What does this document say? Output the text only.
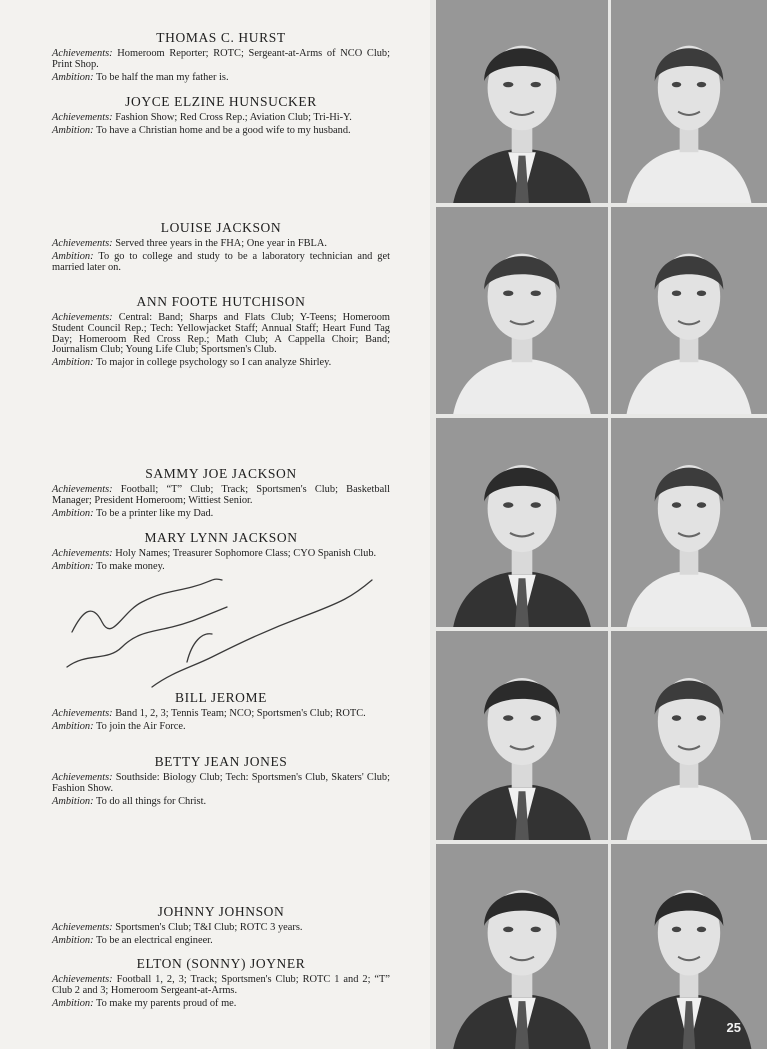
THOMAS C. HURST

Achievements: Homeroom Reporter; ROTC; Sergeant-at-Arms of NCO Club; Print Shop.

Ambition: To be half the man my father is.

JOYCE ELZINE HUNSUCKER

Achievements: Fashion Show; Red Cross Rep.; Aviation Club; Tri-Hi-Y.

Ambition: To have a Christian home and be a good wife to my husband.

LOUISE JACKSON

Achievements: Served three years in the FHA; One year in FBLA.

Ambition: To go to college and study to be a laboratory technician and get married later on.

ANN FOOTE HUTCHISON

Achievements: Central: Band; Sharps and Flats Club; Y-Teens; Homeroom Student Council Rep.; Tech: Yellowjacket Staff; Annual Staff; Heart Fund Tag Day; Homeroom Red Cross Rep.; Math Club; A Cappella Choir; Band; Journalism Club; Young Life Club; Sportsmen's Club.

Ambition: To major in college psychology so I can analyze Shirley.

SAMMY JOE JACKSON

Achievements: Football; “T” Club; Track; Sportsmen's Club; Basketball Manager; President Homeroom; Wittiest Senior.

Ambition: To be a printer like my Dad.

MARY LYNN JACKSON

Achievements: Holy Names; Treasurer Sophomore Class; CYO Spanish Club.

Ambition: To make money.

BILL JEROME

Achievements: Band 1, 2, 3; Tennis Team; NCO; Sportsmen's Club; ROTC.

Ambition: To join the Air Force.

BETTY JEAN JONES

Achievements: Southside: Biology Club; Tech: Sportsmen's Club, Skaters' Club; Fashion Show.

Ambition: To do all things for Christ.

JOHNNY JOHNSON

Achievements: Sportsmen's Club; T&I Club; ROTC 3 years.

Ambition: To be an electrical engineer.

ELTON (SONNY) JOYNER

Achievements: Football 1, 2, 3; Track; Sportsmen's Club; ROTC 1 and 2; “T” Club 2 and 3; Homeroom Sergeant-at-Arms.

Ambition: To make my parents proud of me.

25
